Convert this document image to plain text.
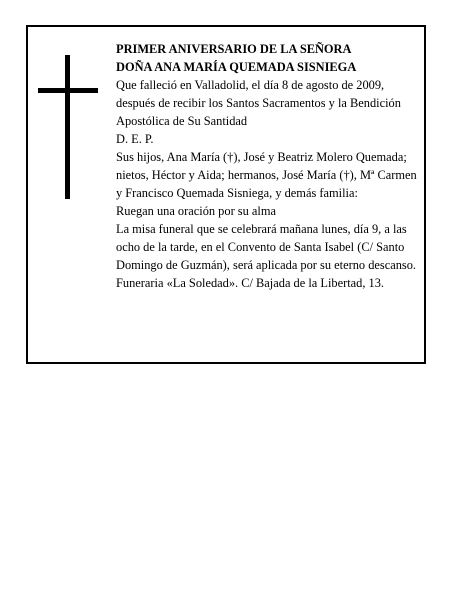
PRIMER ANIVERSARIO DE LA SEÑORA

DOÑA ANA MARÍA QUEMADA SISNIEGA

Que falleció en Valladolid, el día 8 de agosto de 2009, después de recibir los Santos Sacramentos y la Bendición Apostólica de Su Santidad

D. E. P.

Sus hijos, Ana María (†), José y Beatriz Molero Quemada; nietos, Héctor y Aida; hermanos, José María (†), Mª Carmen y Francisco Quemada Sisniega, y demás familia:

Ruegan una oración por su alma

La misa funeral que se celebrará mañana lunes, día 9, a las ocho de la tarde, en el Convento de Santa Isabel (C/ Santo Domingo de Guzmán), será aplicada por su eterno descanso.

Funeraria «La Soledad». C/ Bajada de la Libertad, 13.
